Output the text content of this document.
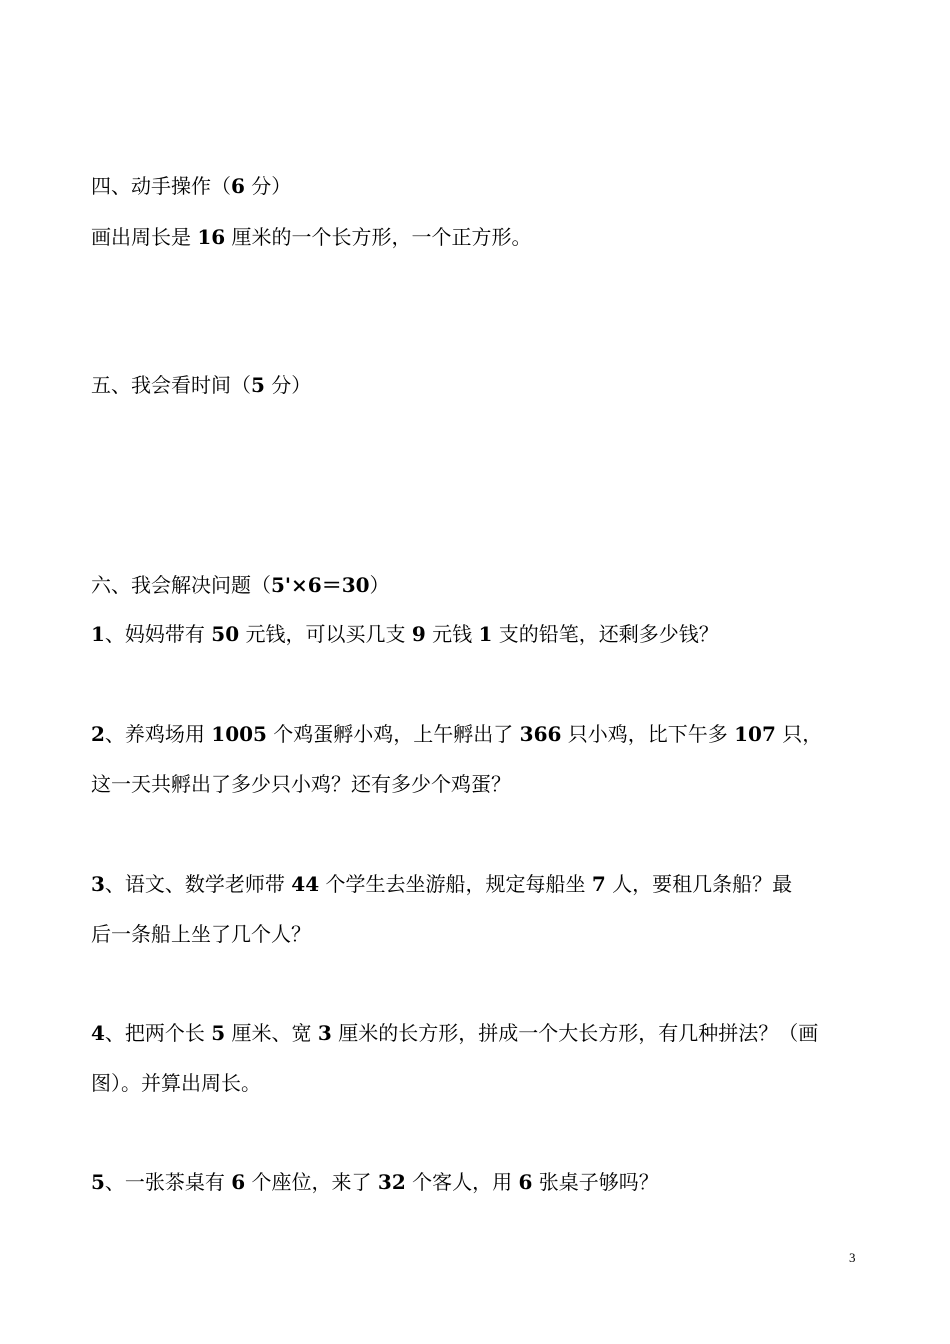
四、动手操作（6 分）
画出周长是 16 厘米的一个长方形，一个正方形。
五、我会看时间（5 分）
六、我会解决问题（5'×6＝30）
1、妈妈带有 50 元钱，可以买几支 9 元钱 1 支的铅笔，还剩多少钱？
2、养鸡场用 1005 个鸡蛋孵小鸡，上午孵出了 366 只小鸡，比下午多 107 只，
这一天共孵出了多少只小鸡？还有多少个鸡蛋？
3、语文、数学老师带 44 个学生去坐游船，规定每船坐 7 人，要租几条船？最
后一条船上坐了几个人？
4、把两个长 5 厘米、宽 3 厘米的长方形，拼成一个大长方形，有几种拼法？（画
图）。并算出周长。
5、一张茶桌有 6 个座位，来了 32 个客人，用 6 张桌子够吗？
3
